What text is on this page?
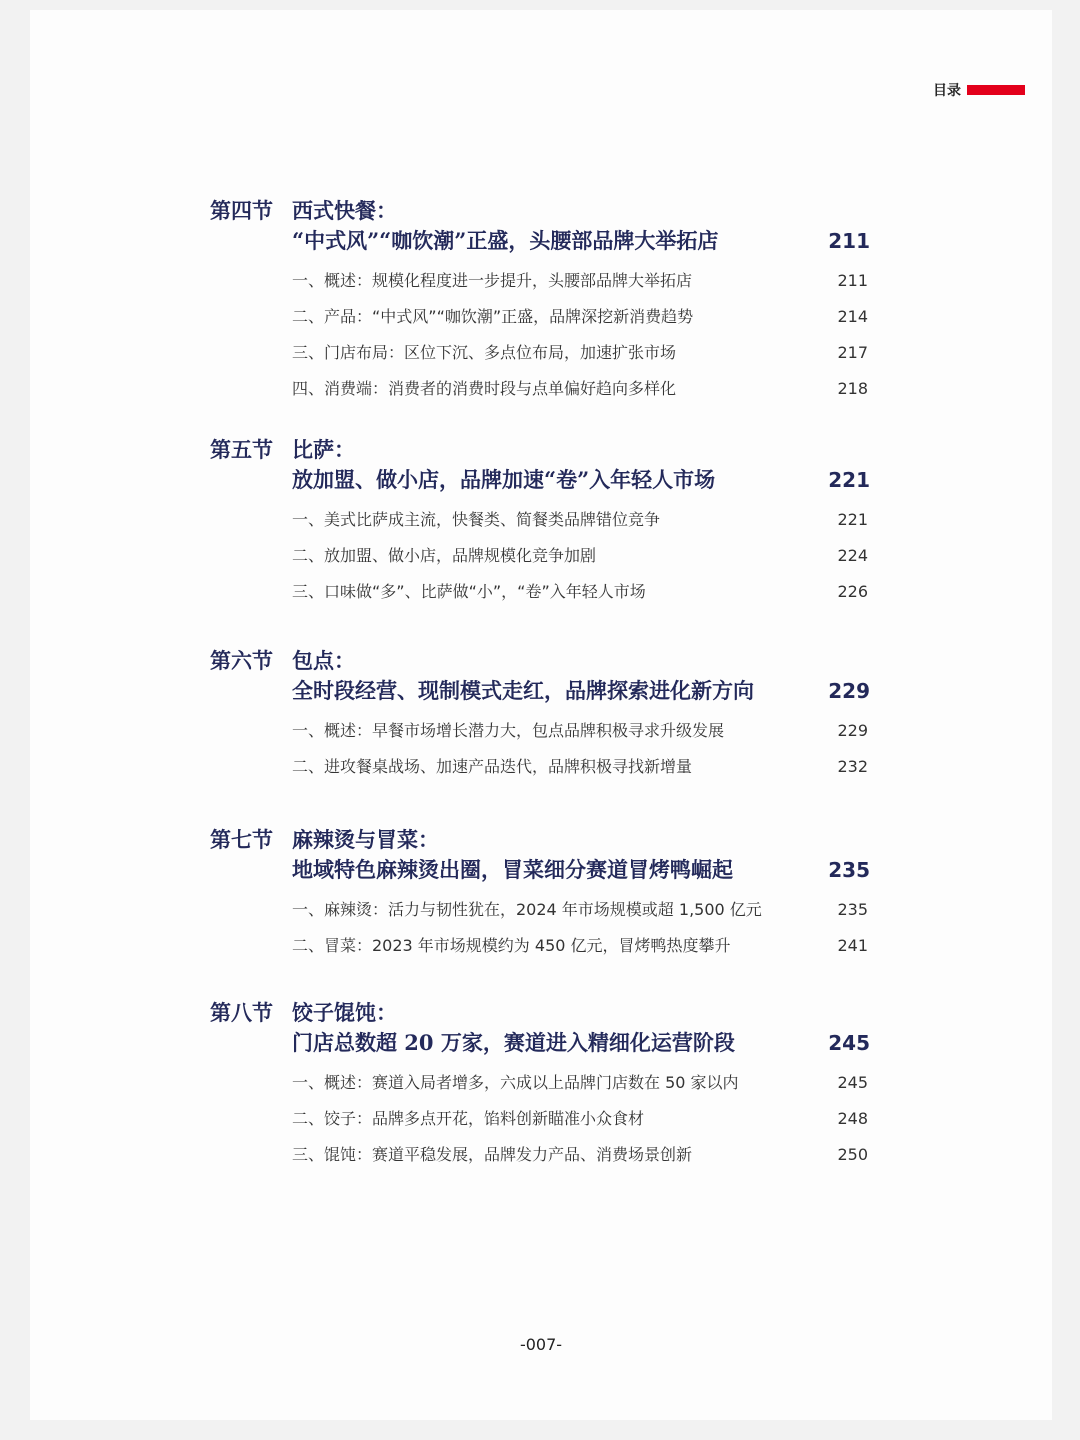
目录
第四节 西式快餐：
“中式风”“咖饮潮”正盛，头腰部品牌大举拓店	211
一、概述：规模化程度进一步提升，头腰部品牌大举拓店	211
二、产品：“中式风”“咖饮潮”正盛，品牌深挖新消费趋势	214
三、门店布局：区位下沉、多点位布局，加速扩张市场	217
四、消费端：消费者的消费时段与点单偏好趋向多样化	218
第五节 比萨：
放加盟、做小店，品牌加速“卷”入年轻人市场	221
一、美式比萨成主流，快餐类、简餐类品牌错位竞争	221
二、放加盟、做小店，品牌规模化竞争加剧	224
三、口味做“多”、比萨做“小”，“卷”入年轻人市场	226
第六节 包点：
全时段经营、现制模式走红，品牌探索进化新方向	229
一、概述：早餐市场增长潜力大，包点品牌积极寻求升级发展	229
二、进攻餐桌战场、加速产品迭代，品牌积极寻找新增量	232
第七节 麻辣烫与冒菜：
地域特色麻辣烫出圈，冒菜细分赛道冒烤鸭崛起	235
一、麻辣烫：活力与韧性犹在，2024 年市场规模或超 1,500 亿元	235
二、冒菜：2023 年市场规模约为 450 亿元，冒烤鸭热度攀升	241
第八节 饺子馄饨：
门店总数超 20 万家，赛道进入精细化运营阶段	245
一、概述：赛道入局者增多，六成以上品牌门店数在 50 家以内	245
二、饺子：品牌多点开花，馅料创新瞄准小众食材	248
三、馄饨：赛道平稳发展，品牌发力产品、消费场景创新	250
-007-
